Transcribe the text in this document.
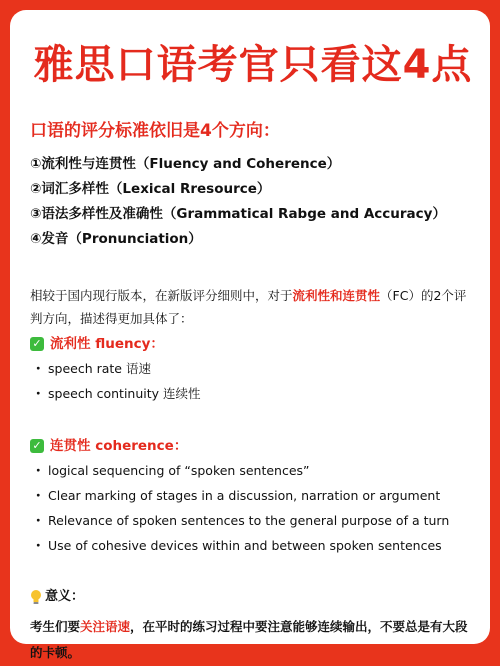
雅思口语考官只看这4点
口语的评分标准依旧是4个方向：
①流利性与连贯性（Fluency and Coherence）
②词汇多样性（Lexical Rresource）
③语法多样性及准确性（Grammatical Rabge and Accuracy）
④发音（Pronunciation）
相较于国内现行版本，在新版评分细则中，对于流利性和连贯性（FC）的2个评判方向，描述得更加具体了：
✓ 流利性 fluency：
・ speech rate 语速
・ speech continuity 连续性
✓ 连贯性 coherence：
・ logical sequencing of “spoken sentences”
・ Clear marking of stages in a discussion, narration or argument
・ Relevance of spoken sentences to the general purpose of a turn
・ Use of cohesive devices within and between spoken sentences
意义：
考生们要关注语速，在平时的练习过程中要注意能够连续输出，不要总是有大段的卡顿。
